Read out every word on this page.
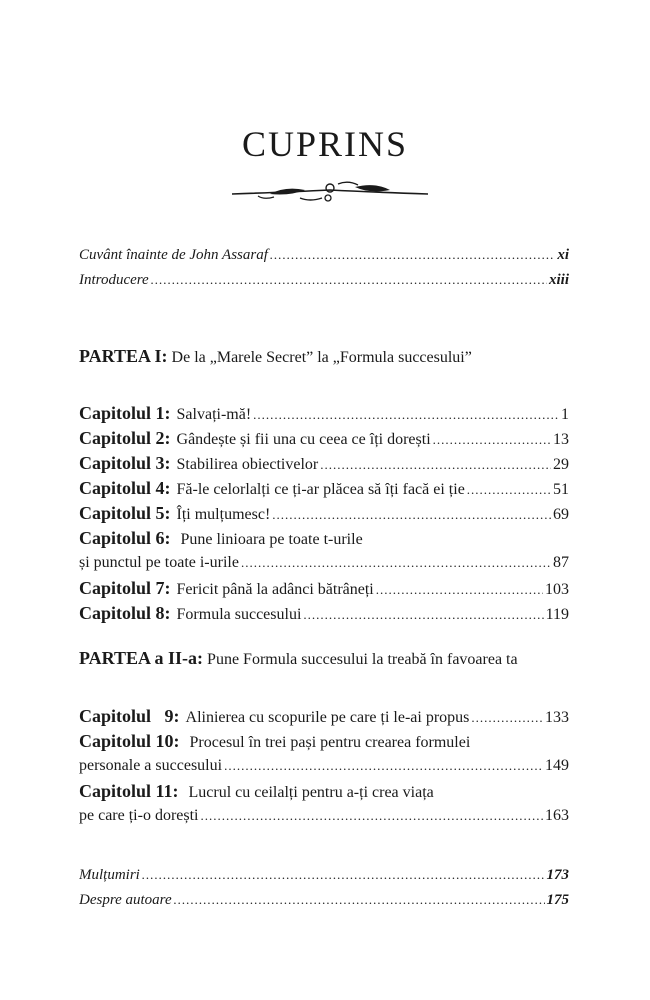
CUPRINS
Cuvânt înainte de John Assaraf .....	xi
Introducere .....	xiii
PARTEA I: De la „Marele Secret” la „Formula succesului”
Capitolul 1: Salvați-mă! .....	1
Capitolul 2: Gândește și fii una cu ceea ce îți dorești .....	13
Capitolul 3: Stabilirea obiectivelor .....	29
Capitolul 4: Fă-le celorlalți ce ți-ar plăcea să îți facă ei ție .....	51
Capitolul 5: Îți mulțumesc! .....	69
Capitolul 6: Pune linioara pe toate t-urile
și punctul pe toate i-urile .....	87
Capitolul 7: Fericit până la adânci bătrâneți .....	103
Capitolul 8: Formula succesului .....	119
PARTEA a II-a: Pune Formula succesului la treabă în favoarea ta
Capitolul   9: Alinierea cu scopurile pe care ți le-ai propus .....	133
Capitolul 10: Procesul în trei pași pentru crearea formulei
personale a succesului .....	149
Capitolul 11: Lucrul cu ceilalți pentru a-ți crea viața
pe care ți-o dorești .....	163
Mulțumiri .....	173
Despre autoare .....	175
